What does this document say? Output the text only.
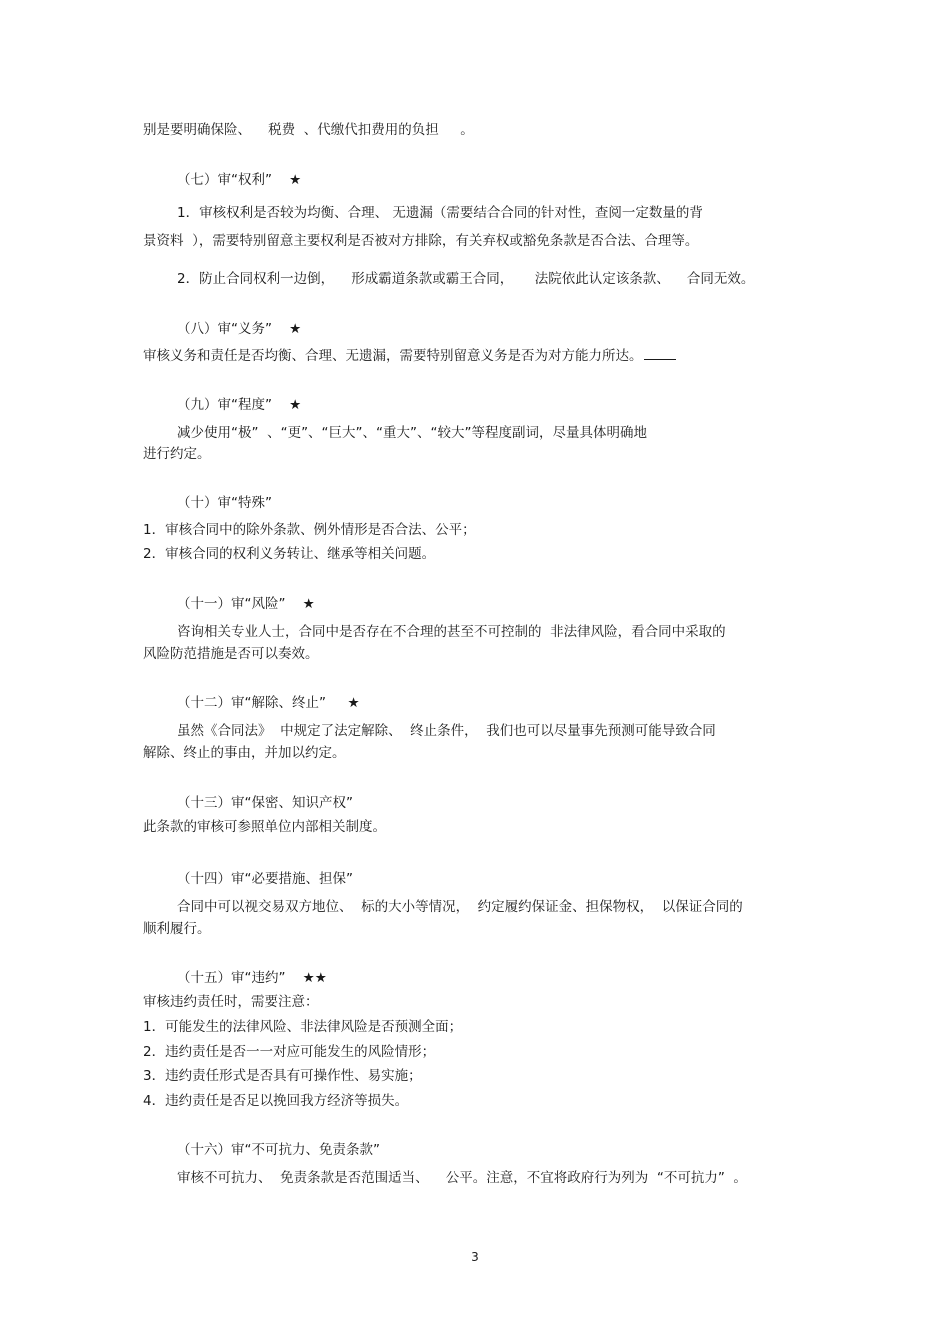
别是要明确保险、    税费  、代缴代扣费用的负担     。
（七）审“权利”    ★
1．审核权利是否较为均衡、合理、 无遗漏（需要结合合同的针对性，查阅一定数量的背
景资料  ），需要特别留意主要权利是否被对方排除，有关弃权或豁免条款是否合法、合理等。
2．防止合同权利一边倒，    形成霸道条款或霸王合同，     法院依此认定该条款、    合同无效。
（八）审“义务”    ★
审核义务和责任是否均衡、合理、无遗漏，需要特别留意义务是否为对方能力所达。
（九）审“程度”    ★
减少使用“极”  、“更”、“巨大”、“重大”、“较大”等程度副词，尽量具体明确地
进行约定。
（十）审“特殊”
1．审核合同中的除外条款、例外情形是否合法、公平；
2．审核合同的权利义务转让、继承等相关问题。
（十一）审“风险”    ★
咨询相关专业人士，合同中是否存在不合理的甚至不可控制的  非法律风险，看合同中采取的
风险防范措施是否可以奏效。
（十二）审“解除、终止”     ★
虽然《合同法》  中规定了法定解除、  终止条件，  我们也可以尽量事先预测可能导致合同
解除、终止的事由，并加以约定。
（十三）审“保密、知识产权”
此条款的审核可参照单位内部相关制度。
（十四）审“必要措施、担保”
合同中可以视交易双方地位、  标的大小等情况，  约定履约保证金、担保物权，  以保证合同的
顺利履行。
（十五）审“违约”    ★★
审核违约责任时，需要注意：
1．可能发生的法律风险、非法律风险是否预测全面；
2．违约责任是否一一对应可能发生的风险情形；
3．违约责任形式是否具有可操作性、易实施；
4．违约责任是否足以挽回我方经济等损失。
（十六）审“不可抗力、免责条款”
审核不可抗力、  免责条款是否范围适当、    公平。注意，不宜将政府行为列为  “不可抗力”  。
3
